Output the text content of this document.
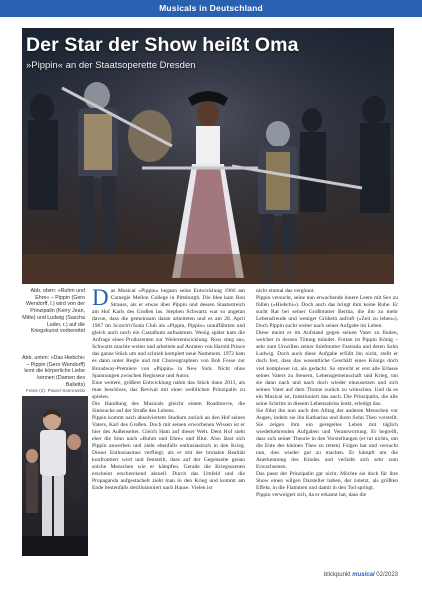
Musicals in Deutschland
Der Star der Show heißt Oma
»Pippin« an der Staatsoperette Dresden
Abb. oben: »Ruhm und Ehre« – Pippin (Gero Wendorff, l.) wird von der Prinzipalin (Kerry Jean, Mitte) und Ludwig (Sascha Luder, r.) auf die Kriegskunst vorbereitet
Abb. unten: »Das Hiebchi« – Pippin (Gero Wendorff) lernt die körperliche Liebe kennen (Damen des Balletts)
Fotos (2): Pawel Sosnowski

Das Musical »Pippin« begann seine Entwicklung 1966 am Carnegie Mellon College in Pittsburgh. Die Idee kam Ron Strauss, als er etwas über Pippin und dessen Staatsstreich am Hof Karls des Großen las. Stephen Schwartz war so angetan davon, dass die gemeinsam daran arbeiteten und es am 28. April 1967 im Scotch'n'Soda Club als »Pippin, Pippin« uraufführten und gleich auch noch ein Castalbum aufnahmen. Wenig später kam die Anfrage eines Produzenten zur Weiterentwicklung. Ross stieg aus, Schwartz machte weiter und arbeitete auf Anraten von Harold Prince das ganze Stück um und schrieb komplett neue Nummern. 1972 kam es dann unter Regie und mit Choreographien von Bob Fosse zur Broadway-Premiere von »Pippin« in New York. Nicht ohne Spannungen zwischen Regisseur und Autor.

Eine weitere, größere Entwicklung nahm das Stück dann 2013, als man beschloss, das Revival mit einer weiblichen Prinzipalin zu spielen.

Die Handlung des Musicals gleicht einem Roadmovie, die Sinnsuche auf der Straße des Lebens.

Pippin kommt nach absolviertem Studium zurück an den Hof seines Vaters, Karl des Großen. Doch mit seinen erworbenen Wissen ist er hier des Außenseiter. Gleich Ham auf dieser Welt. Dem Hof sieht eher die Sinn nach »Ruhm und Ehre« und Blut. Also lässt sich Pippin anwerben und zieht ebenfalls enthusiastisch in den Krieg. Dieser Enthusiasmus verfliegt, als er mit der brutalen Realität konfrontiert wird und feststellt, dass auf der Gegenseite genau solche Menschen wie er kämpfen. Gerade die Kriegsszenen erscheint erschreckend aktuell. Durch das Umfeld und die Propaganda aufgestachelt zieht man in den Krieg und kommt am Ende bestenfalls desillusioniert nach Hause. Vielen ist

nicht einmal das vergönnt.

Pippin versucht, seine nun erwachende innere Leere mit Sex zu füllen (»Hiebchi«). Doch auch das bringt ihm keine Ruhe. Er sucht Rat bei seiner Großmutter Bertha, die ihn zu mehr Lebensfreude und weniger Grübeln aufruft (»Zeit zu leben«). Doch Pippin sucht weiter nach seiner Aufgabe im Leben.

Diese meint er im Aufstand gegen seinen Vater zu finden, welcher in dessen Tötung mündet. Fortan ist Pippin König – sehr zum Unwillen seiner Stiefmutter Fastrada und deren Sohn Ludwig. Doch auch diese Aufgabe erfüllt ihn nicht, stellt er doch fest, dass das wesentliche Geschäft eines Königs doch viel komplexer ist, als gedacht. So streicht er erst alle Erlasse seines Vaters zu Steuern, Lebensgemeinschaft und Krieg, um sie dann nach und nach doch wieder einzusetzen und sich seinen Vater auf dem Throne zurück zu wünschen. Und da es ein Musical ist, funktioniert das auch. Die Prinzipalin, die alle seine Schritte in diesem Lebensabriss lenkt, erledigt das.

Sie führt ihn nun auch den Alltag der anderen Menschen vor Augen, indem sie ihn Katharina und ihren Sohn Theo vorstellt. Sie zeigen ihm ein geregeltes Leben mit täglich wiederkehrenden Aufgaben und Verantwortung. Er begreift, dass sich seiner Theorie in den Vorstellungen (er tut nichts, um die Ente des kleinen Theo zu retten) Folgen hat und versucht nun, dies wieder gut zu machen. Er kämpft um die Anerkennung des Kindes und verliebt sich sehr zum Erwachsenen.

Das passt der Prinzipalin gar nicht. Möchte sie doch für ihre Show einen wilgen Darsteller haben, der zuletzt, als größten Effekt, in die Flammen und damit in den Tod springt.

Pippin verweigert sich, da er erkannt hat, dass die

blickpunkt musical 02/2023
